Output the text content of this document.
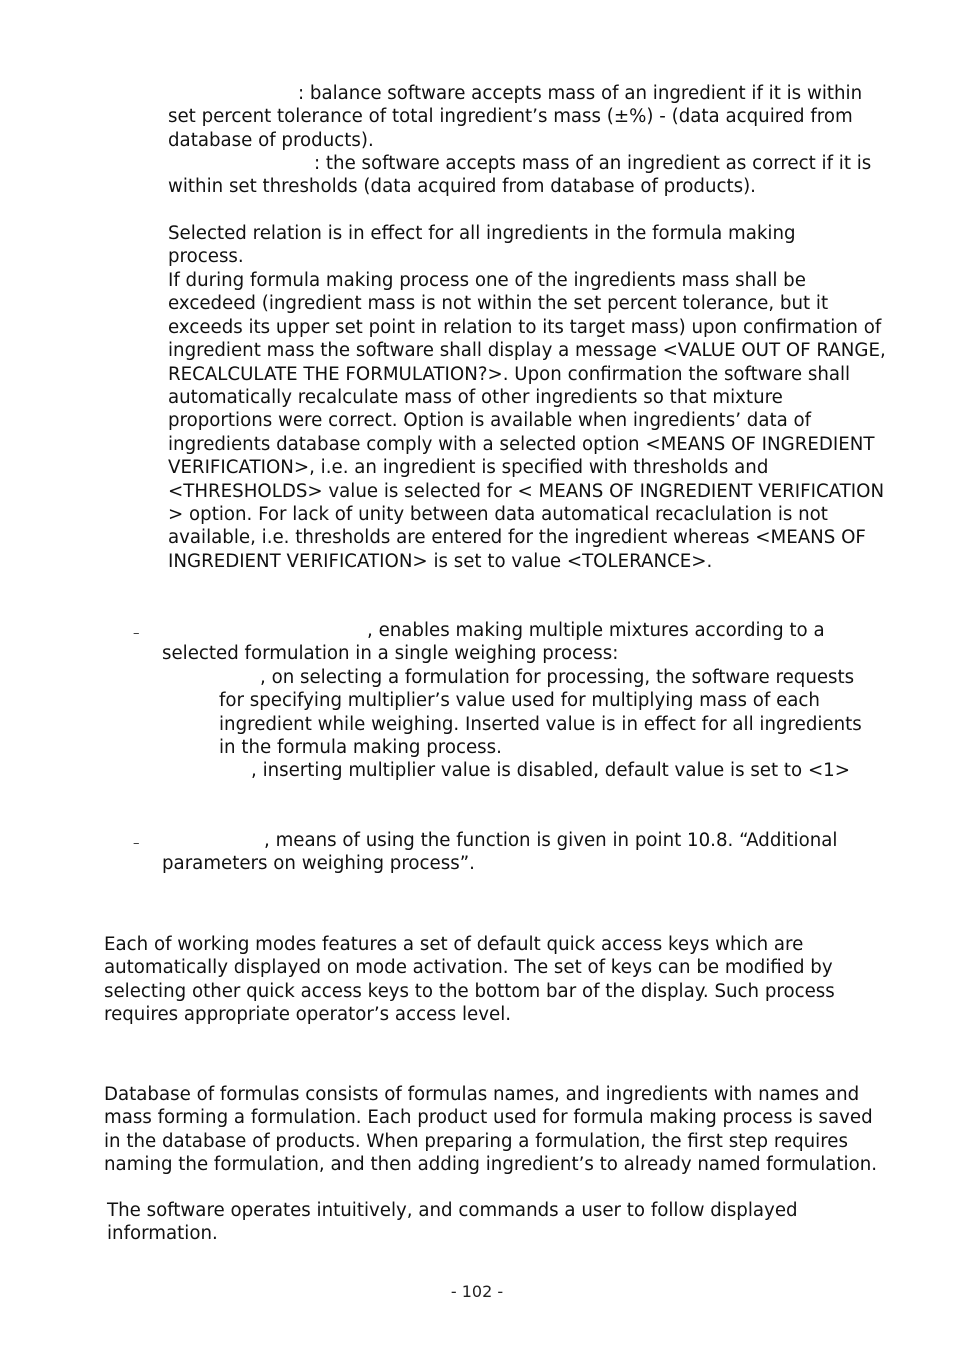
: balance software accepts mass of an ingredient if it is within set percent tolerance of total ingredient’s mass (±%) - (data acquired from database of products).
: the software accepts mass of an ingredient as correct if it is within set thresholds (data acquired from database of products).
Selected relation is in effect for all ingredients in the formula making process.
If during formula making process one of the ingredients mass shall be excedeed (ingredient mass is not within the set percent tolerance, but it exceeds its upper set point in relation to its target mass) upon confirmation of ingredient mass the software shall display a message <VALUE OUT OF RANGE, RECALCULATE THE FORMULATION?>. Upon confirmation the software shall automatically recalculate mass of other ingredients so that mixture proportions were correct. Option is available when ingredients’ data of ingredients database comply with a selected option <MEANS OF INGREDIENT VERIFICATION>, i.e. an ingredient is specified with thresholds and <THRESHOLDS> value is selected for < MEANS OF INGREDIENT VERIFICATION > option. For lack of unity between data automatical recaclulation is not available, i.e. thresholds are entered for the ingredient whereas <MEANS OF INGREDIENT VERIFICATION> is set to value <TOLERANCE>.
–	, enables making multiple mixtures according to a selected formulation in a single weighing process:
, on selecting a formulation for processing, the software requests for specifying multiplier’s value used for multiplying mass of each ingredient while weighing. Inserted value is in effect for all ingredients in the formula making process.
, inserting multiplier value is disabled, default value is set to <1>
–	, means of using the function is given in point 10.8. “Additional parameters on weighing process”.
Each of working modes features a set of default quick access keys which are automatically displayed on mode activation. The set of keys can be modified by selecting other quick access keys to the bottom bar of the display. Such process requires appropriate operator’s access level.
Database of formulas consists of formulas names, and ingredients with names and mass forming a formulation. Each product used for formula making process is saved in the database of products. When preparing a formulation, the first step requires naming the formulation, and then adding ingredient’s to already named formulation.
The software operates intuitively, and commands a user to follow displayed information.
- 102 -
